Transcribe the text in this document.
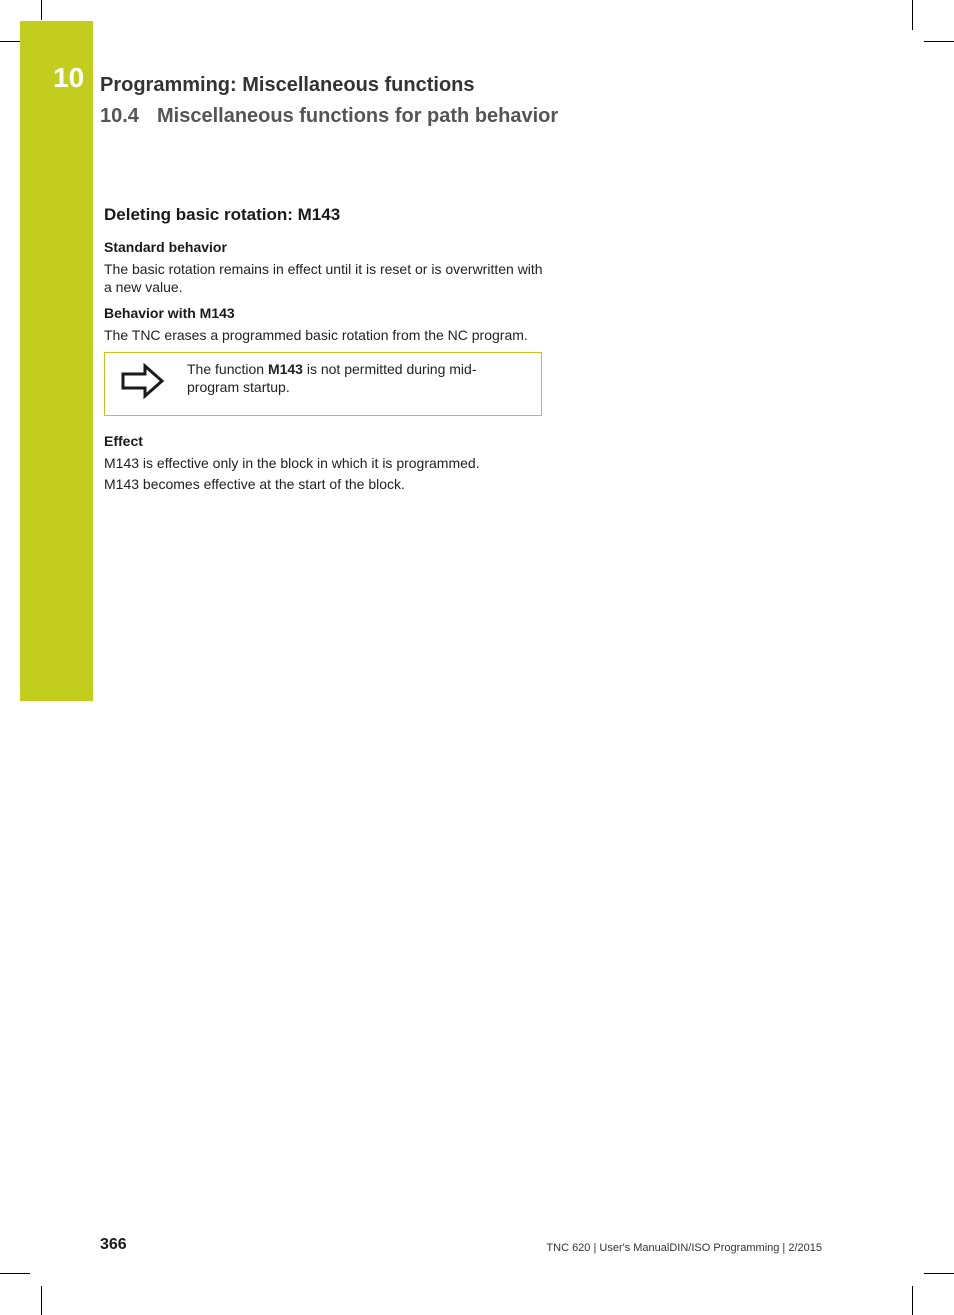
10 Programming: Miscellaneous functions
10.4 Miscellaneous functions for path behavior
Deleting basic rotation: M143
Standard behavior

The basic rotation remains in effect until it is reset or is overwritten with a new value.

Behavior with M143

The TNC erases a programmed basic rotation from the NC program.

The function M143 is not permitted during mid-program startup.
Effect

M143 is effective only in the block in which it is programmed.

M143 becomes effective at the start of the block.

366	TNC 620 | User's ManualDIN/ISO Programming | 2/2015
